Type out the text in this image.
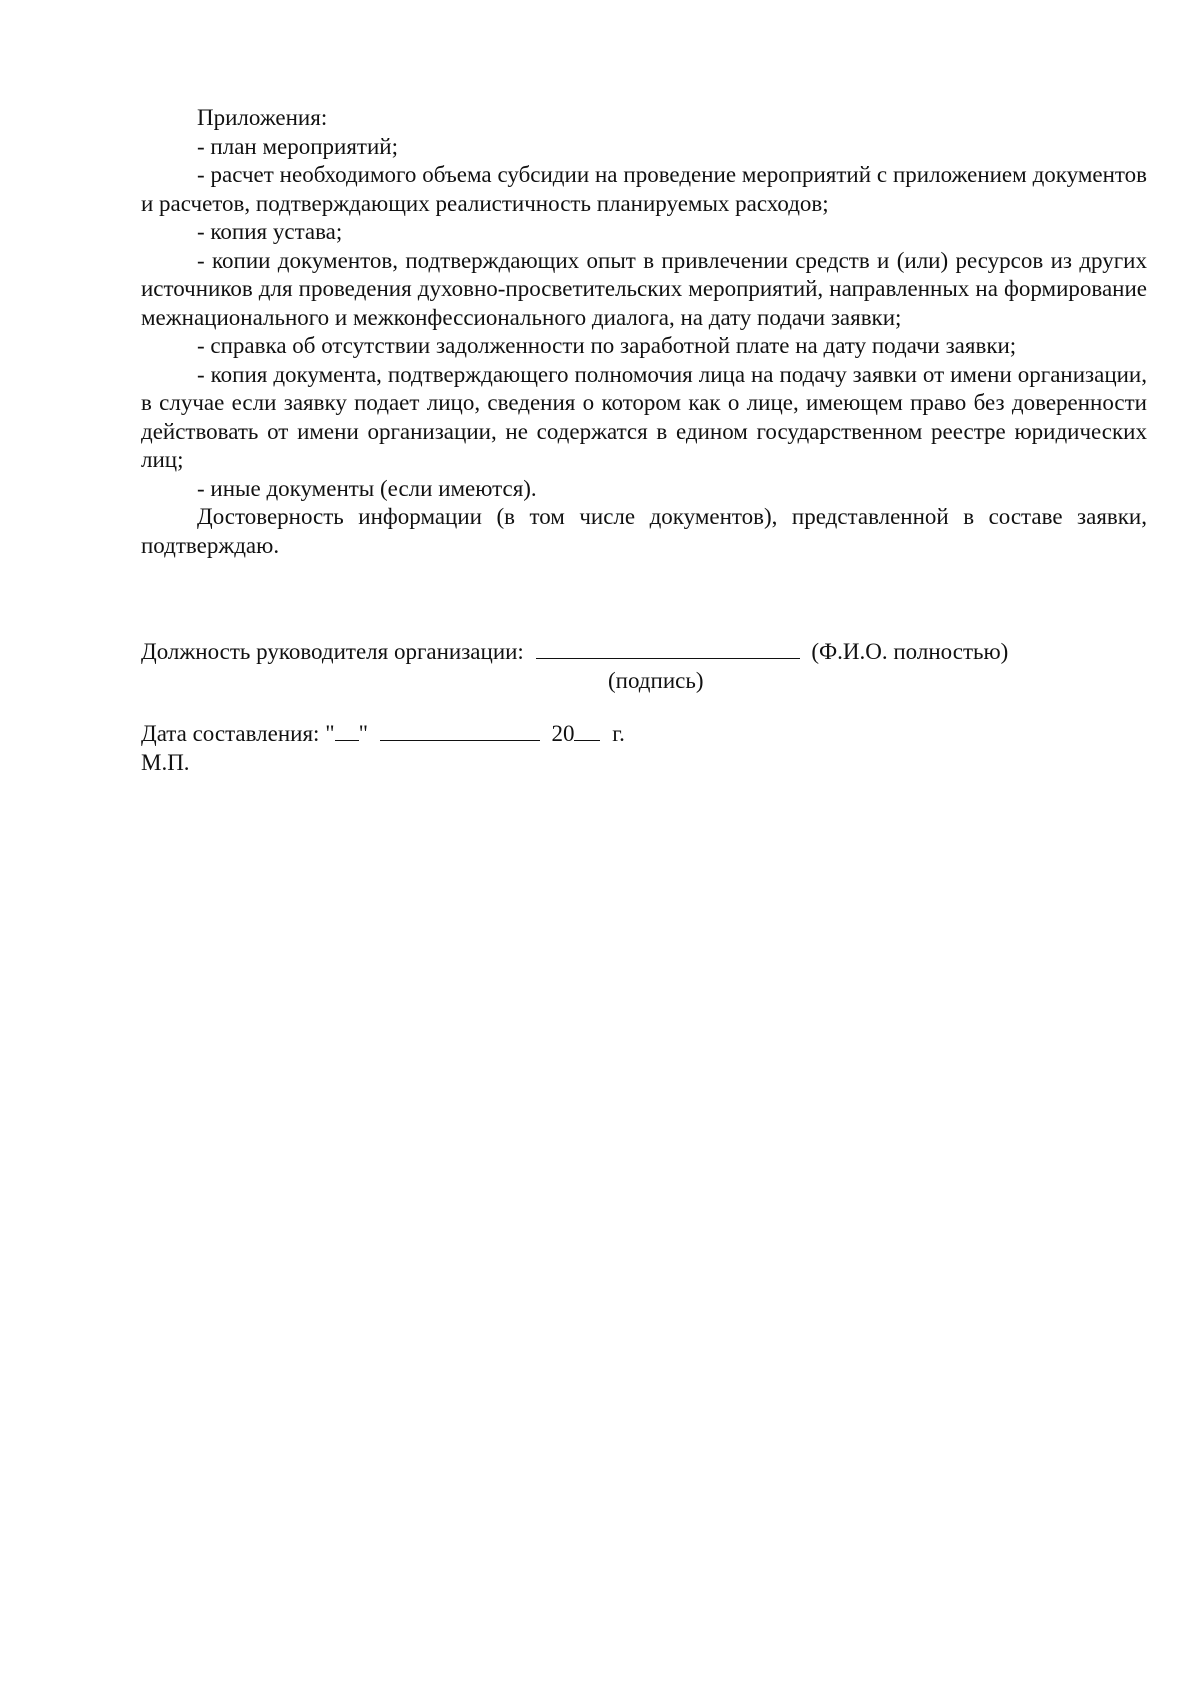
Приложения:

- план мероприятий;

- расчет необходимого объема субсидии на проведение мероприятий с приложением документов и расчетов, подтверждающих реалистичность планируемых расходов;

- копия устава;

- копии документов, подтверждающих опыт в привлечении средств и (или) ресурсов из других источников для проведения духовно-просветительских мероприятий, направленных на формирование межнационального и межконфессионального диалога, на дату подачи заявки;

- справка об отсутствии задолженности по заработной плате на дату подачи заявки;

- копия документа, подтверждающего полномочия лица на подачу заявки от имени организации, в случае если заявку подает лицо, сведения о котором как о лице, имеющем право без доверенности действовать от имени организации, не содержатся в едином государственном реестре юридических лиц;

- иные документы (если имеются).

Достоверность информации (в том числе документов), представленной в составе заявки, подтверждаю.

Должность руководителя организации:	(Ф.И.О. полностью)
(подпись)
Дата составления: " "	20 г.
М.П.
